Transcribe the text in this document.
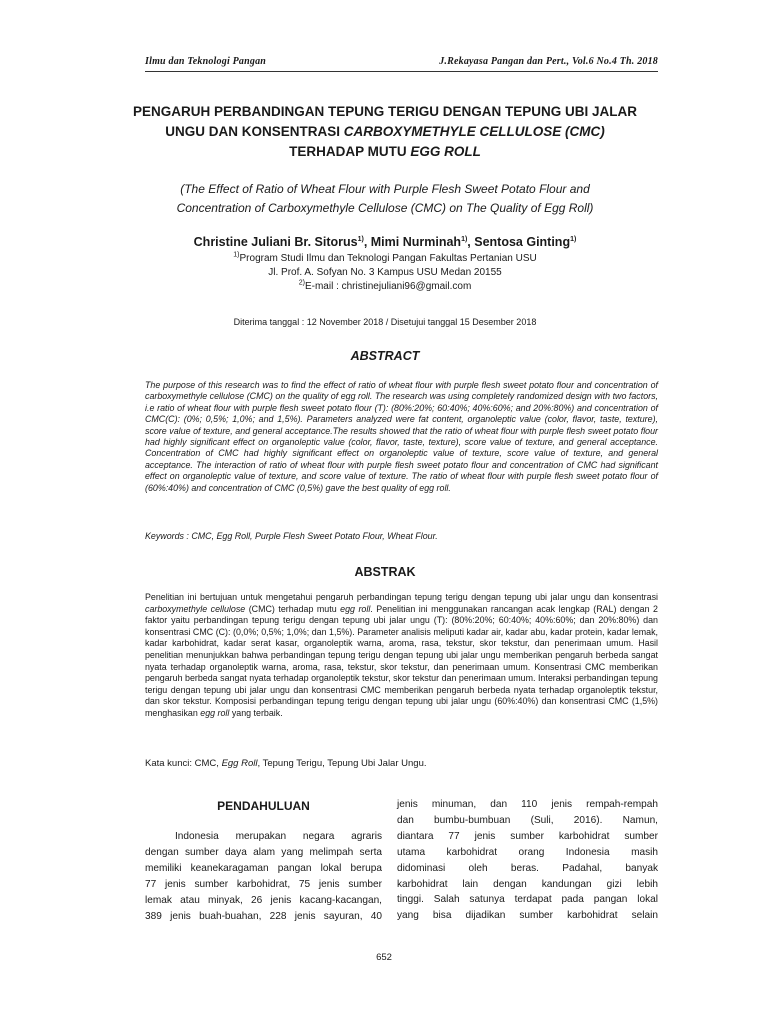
Ilmu dan Teknologi Pangan	J.Rekayasa Pangan dan Pert., Vol.6 No.4 Th. 2018
PENGARUH PERBANDINGAN TEPUNG TERIGU DENGAN TEPUNG UBI JALAR
UNGU DAN KONSENTRASI CARBOXYMETHYLE CELLULOSE (CMC)
TERHADAP MUTU EGG ROLL
(The Effect of Ratio of Wheat Flour with Purple Flesh Sweet Potato Flour and
Concentration of Carboxymethyle Cellulose (CMC) on The Quality of Egg Roll)
Christine Juliani Br. Sitorus$^{1)}$, Mimi Nurminah$^{1)}$, Sentosa Ginting$^{1)}$
$^{1)}$Program Studi Ilmu dan Teknologi Pangan Fakultas Pertanian USU
Jl. Prof. A. Sofyan No. 3 Kampus USU Medan 20155
$^{2)}$E-mail : christinejuliani96@gmail.com
Diterima tanggal : 12 November 2018 / Disetujui tanggal 15 Desember 2018
ABSTRACT
The purpose of this research was to find the effect of ratio of wheat flour with purple flesh sweet potato flour and concentration of carboxymethyle cellulose (CMC) on the quality of egg roll. The research was using completely randomized design with two factors, i.e ratio of wheat flour with purple flesh sweet potato flour (T): (80%:20%; 60:40%; 40%:60%; and 20%:80%) and concentration of CMC(C): (0%; 0,5%; 1,0%; and 1,5%). Parameters analyzed were fat content, organoleptic value (color, flavor, taste, texture), score value of texture, and general acceptance.The results showed that the ratio of wheat flour with purple flesh sweet potato flour had highly significant effect on organoleptic value (color, flavor, taste, texture), score value of texture, and general acceptance. Concentration of CMC had highly significant effect on organoleptic value of texture, score value of texture, and general acceptance. The interaction of ratio of wheat flour with purple flesh sweet potato flour and concentration of CMC had significant effect on organoleptic value of texture, and score value of texture. The ratio of wheat flour with purple flesh sweet potato flour of (60%:40%) and concentration of CMC (0,5%) gave the best quality of egg roll.
Keywords : CMC, Egg Roll, Purple Flesh Sweet Potato Flour, Wheat Flour.
ABSTRAK
Penelitian ini bertujuan untuk mengetahui pengaruh perbandingan tepung terigu dengan tepung ubi jalar ungu dan konsentrasi carboxymethyle cellulose (CMC) terhadap mutu egg roll. Penelitian ini menggunakan rancangan acak lengkap (RAL) dengan 2 faktor yaitu perbandingan tepung terigu dengan tepung ubi jalar ungu (T): (80%:20%; 60:40%; 40%:60%; dan 20%:80%) dan konsentrasi CMC (C): (0,0%; 0,5%; 1,0%; dan 1,5%). Parameter analisis meliputi kadar air, kadar abu, kadar protein, kadar lemak, kadar karbohidrat, kadar serat kasar, organoleptik warna, aroma, rasa, tekstur, skor tekstur, dan penerimaan umum. Hasil penelitian menunjukkan bahwa perbandingan tepung terigu dengan tepung ubi jalar ungu memberikan pengaruh berbeda sangat nyata terhadap organoleptik warna, aroma, rasa, tekstur, skor tekstur, dan penerimaan umum. Konsentrasi CMC memberikan pengaruh berbeda sangat nyata terhadap organoleptik tekstur, skor tekstur dan penerimaan umum. Interaksi perbandingan tepung terigu dengan tepung ubi jalar ungu dan konsentrasi CMC memberikan pengaruh berbeda nyata terhadap organoleptik tekstur, dan skor tekstur. Komposisi perbandingan tepung terigu dengan tepung ubi jalar ungu (60%:40%) dan konsentrasi CMC (1,5%) menghasikan egg roll yang terbaik.
Kata kunci: CMC, Egg Roll, Tepung Terigu, Tepung Ubi Jalar Ungu.
PENDAHULUAN
Indonesia merupakan negara agraris
dengan sumber daya alam yang melimpah serta
memiliki keanekaragaman pangan lokal berupa
77 jenis sumber karbohidrat, 75 jenis sumber
lemak atau minyak, 26 jenis kacang-kacangan,
389 jenis buah-buahan, 228 jenis sayuran, 40
jenis minuman, dan 110 jenis rempah-rempah
dan bumbu-bumbuan (Suli, 2016). Namun,
diantara 77 jenis sumber karbohidrat sumber
utama karbohidrat orang Indonesia masih
didominasi oleh beras. Padahal, banyak
karbohidrat lain dengan kandungan gizi lebih
tinggi. Salah satunya terdapat pada pangan lokal
yang bisa dijadikan sumber karbohidrat selain
652
